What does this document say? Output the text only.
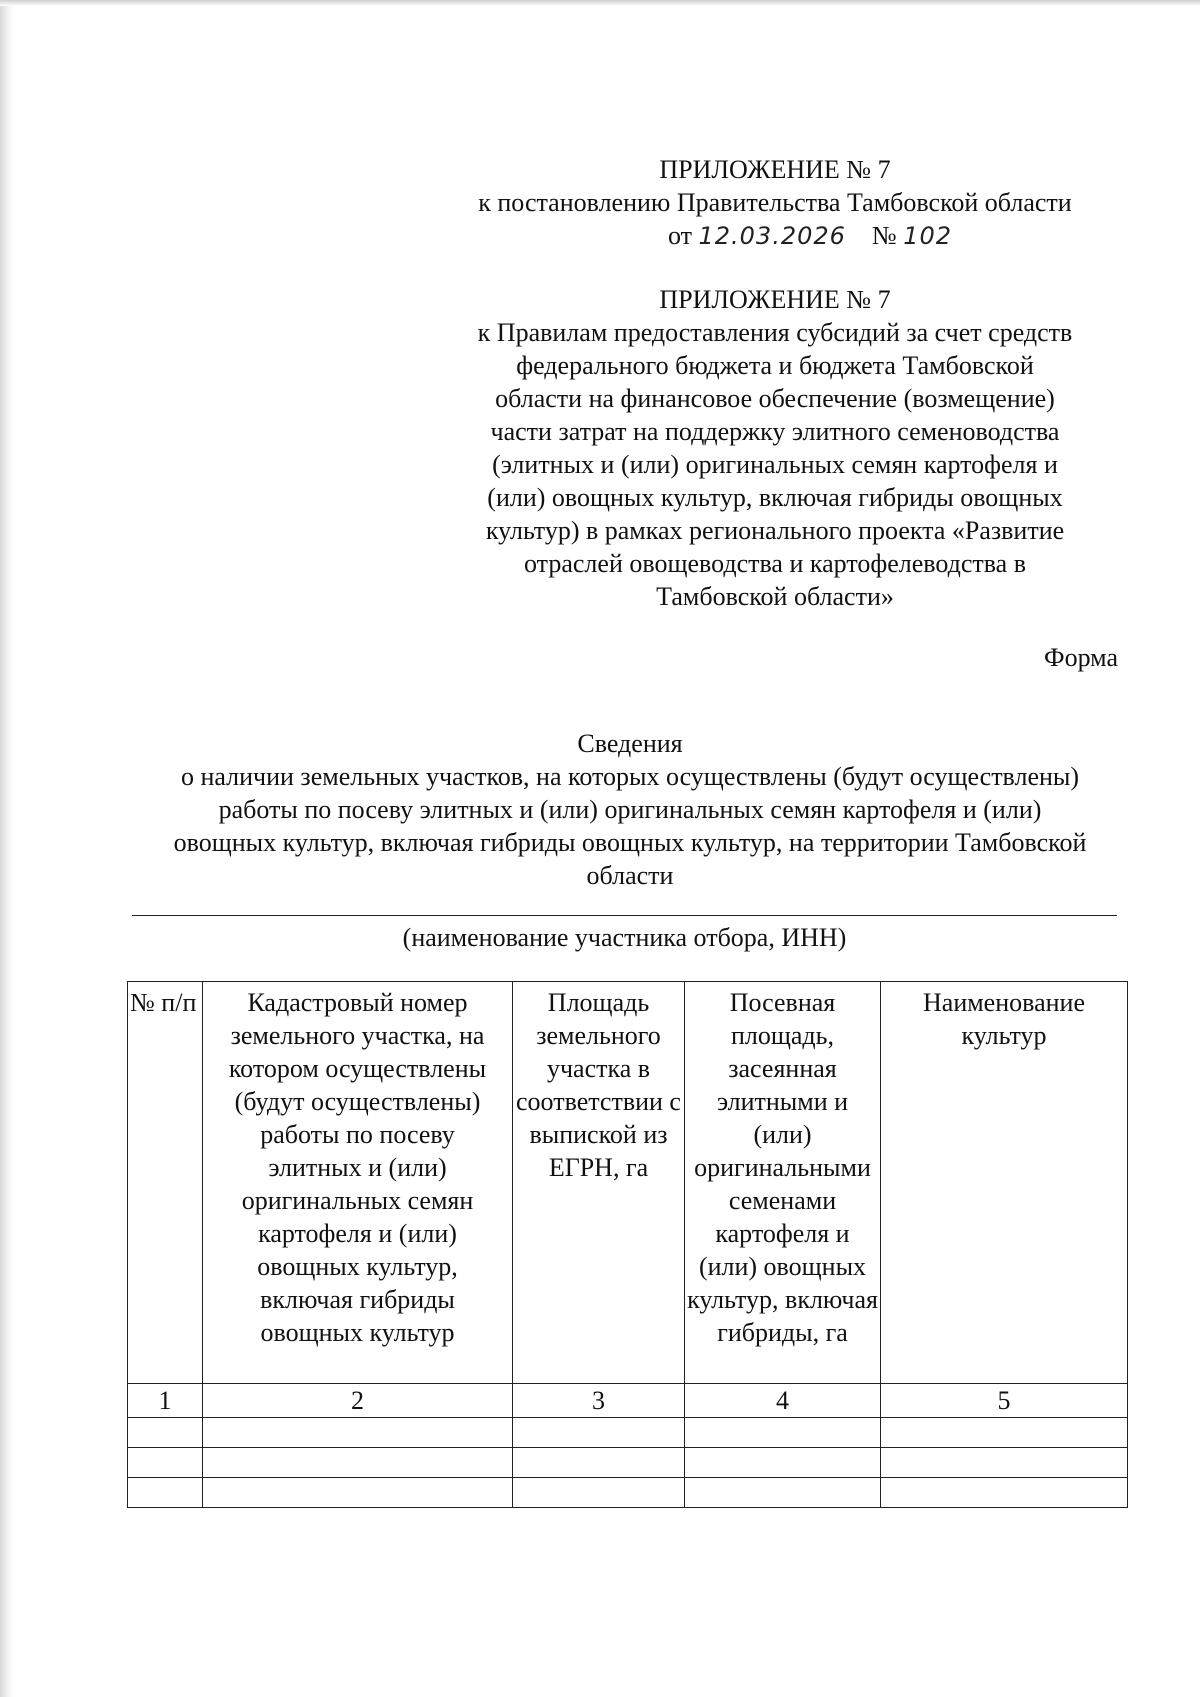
ПРИЛОЖЕНИЕ № 7
к постановлению Правительства Тамбовской области
от 12.03.2026 № 102
ПРИЛОЖЕНИЕ № 7
к Правилам предоставления субсидий за счет средств
федерального бюджета и бюджета Тамбовской
области на финансовое обеспечение (возмещение)
части затрат на поддержку элитного семеноводства
(элитных и (или) оригинальных семян картофеля и
(или) овощных культур, включая гибриды овощных
культур) в рамках регионального проекта «Развитие
отраслей овощеводства и картофелеводства в
Тамбовской области»
Форма
Сведения
о наличии земельных участков, на которых осуществлены (будут осуществлены)
работы по посеву элитных и (или) оригинальных семян картофеля и (или)
овощных культур, включая гибриды овощных культур, на территории Тамбовской
области
(наименование участника отбора, ИНН)
№ п/п	Кадастровый номер земельного участка, на котором осуществлены (будут осуществлены) работы по посеву элитных и (или) оригинальных семян картофеля и (или) овощных культур, включая гибриды овощных культур	Площадь земельного участка в соответствии с выпиской из ЕГРН, га	Посевная площадь, засеянная элитными и (или) оригинальными семенами картофеля и (или) овощных культур, включая гибриды, га	Наименование культур
1	2	3	4	5
